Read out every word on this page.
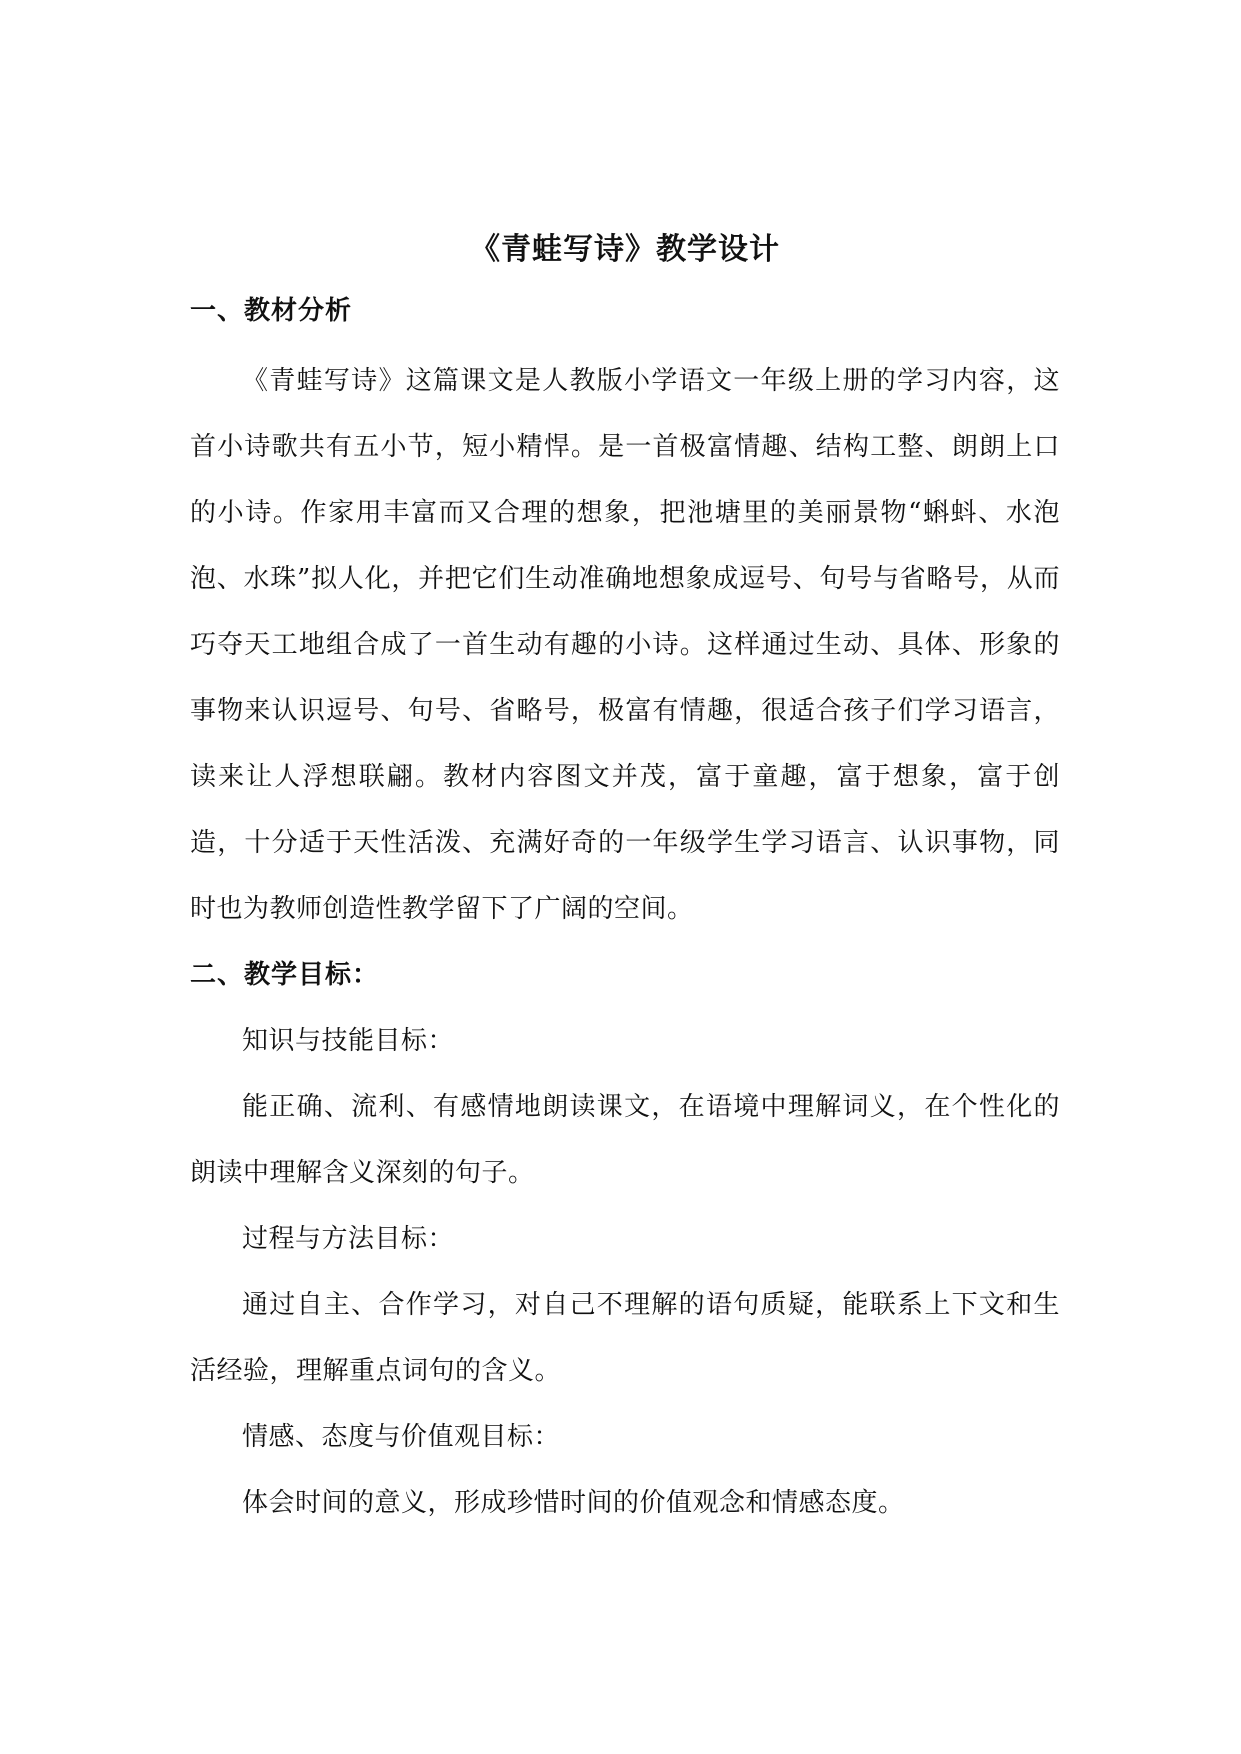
《青蛙写诗》教学设计
一、教材分析

《青蛙写诗》这篇课文是人教版小学语文一年级上册的学习内容，这首小诗歌共有五小节，短小精悍。是一首极富情趣、结构工整、朗朗上口的小诗。作家用丰富而又合理的想象，把池塘里的美丽景物“蝌蚪、水泡泡、水珠”拟人化，并把它们生动准确地想象成逗号、句号与省略号，从而巧夺天工地组合成了一首生动有趣的小诗。这样通过生动、具体、形象的事物来认识逗号、句号、省略号，极富有情趣，很适合孩子们学习语言，读来让人浮想联翩。教材内容图文并茂，富于童趣，富于想象，富于创造，十分适于天性活泼、充满好奇的一年级学生学习语言、认识事物，同时也为教师创造性教学留下了广阔的空间。

二、教学目标：

知识与技能目标：

能正确、流利、有感情地朗读课文，在语境中理解词义，在个性化的朗读中理解含义深刻的句子。

过程与方法目标：

通过自主、合作学习，对自己不理解的语句质疑，能联系上下文和生活经验，理解重点词句的含义。

情感、态度与价值观目标：

体会时间的意义，形成珍惜时间的价值观念和情感态度。
